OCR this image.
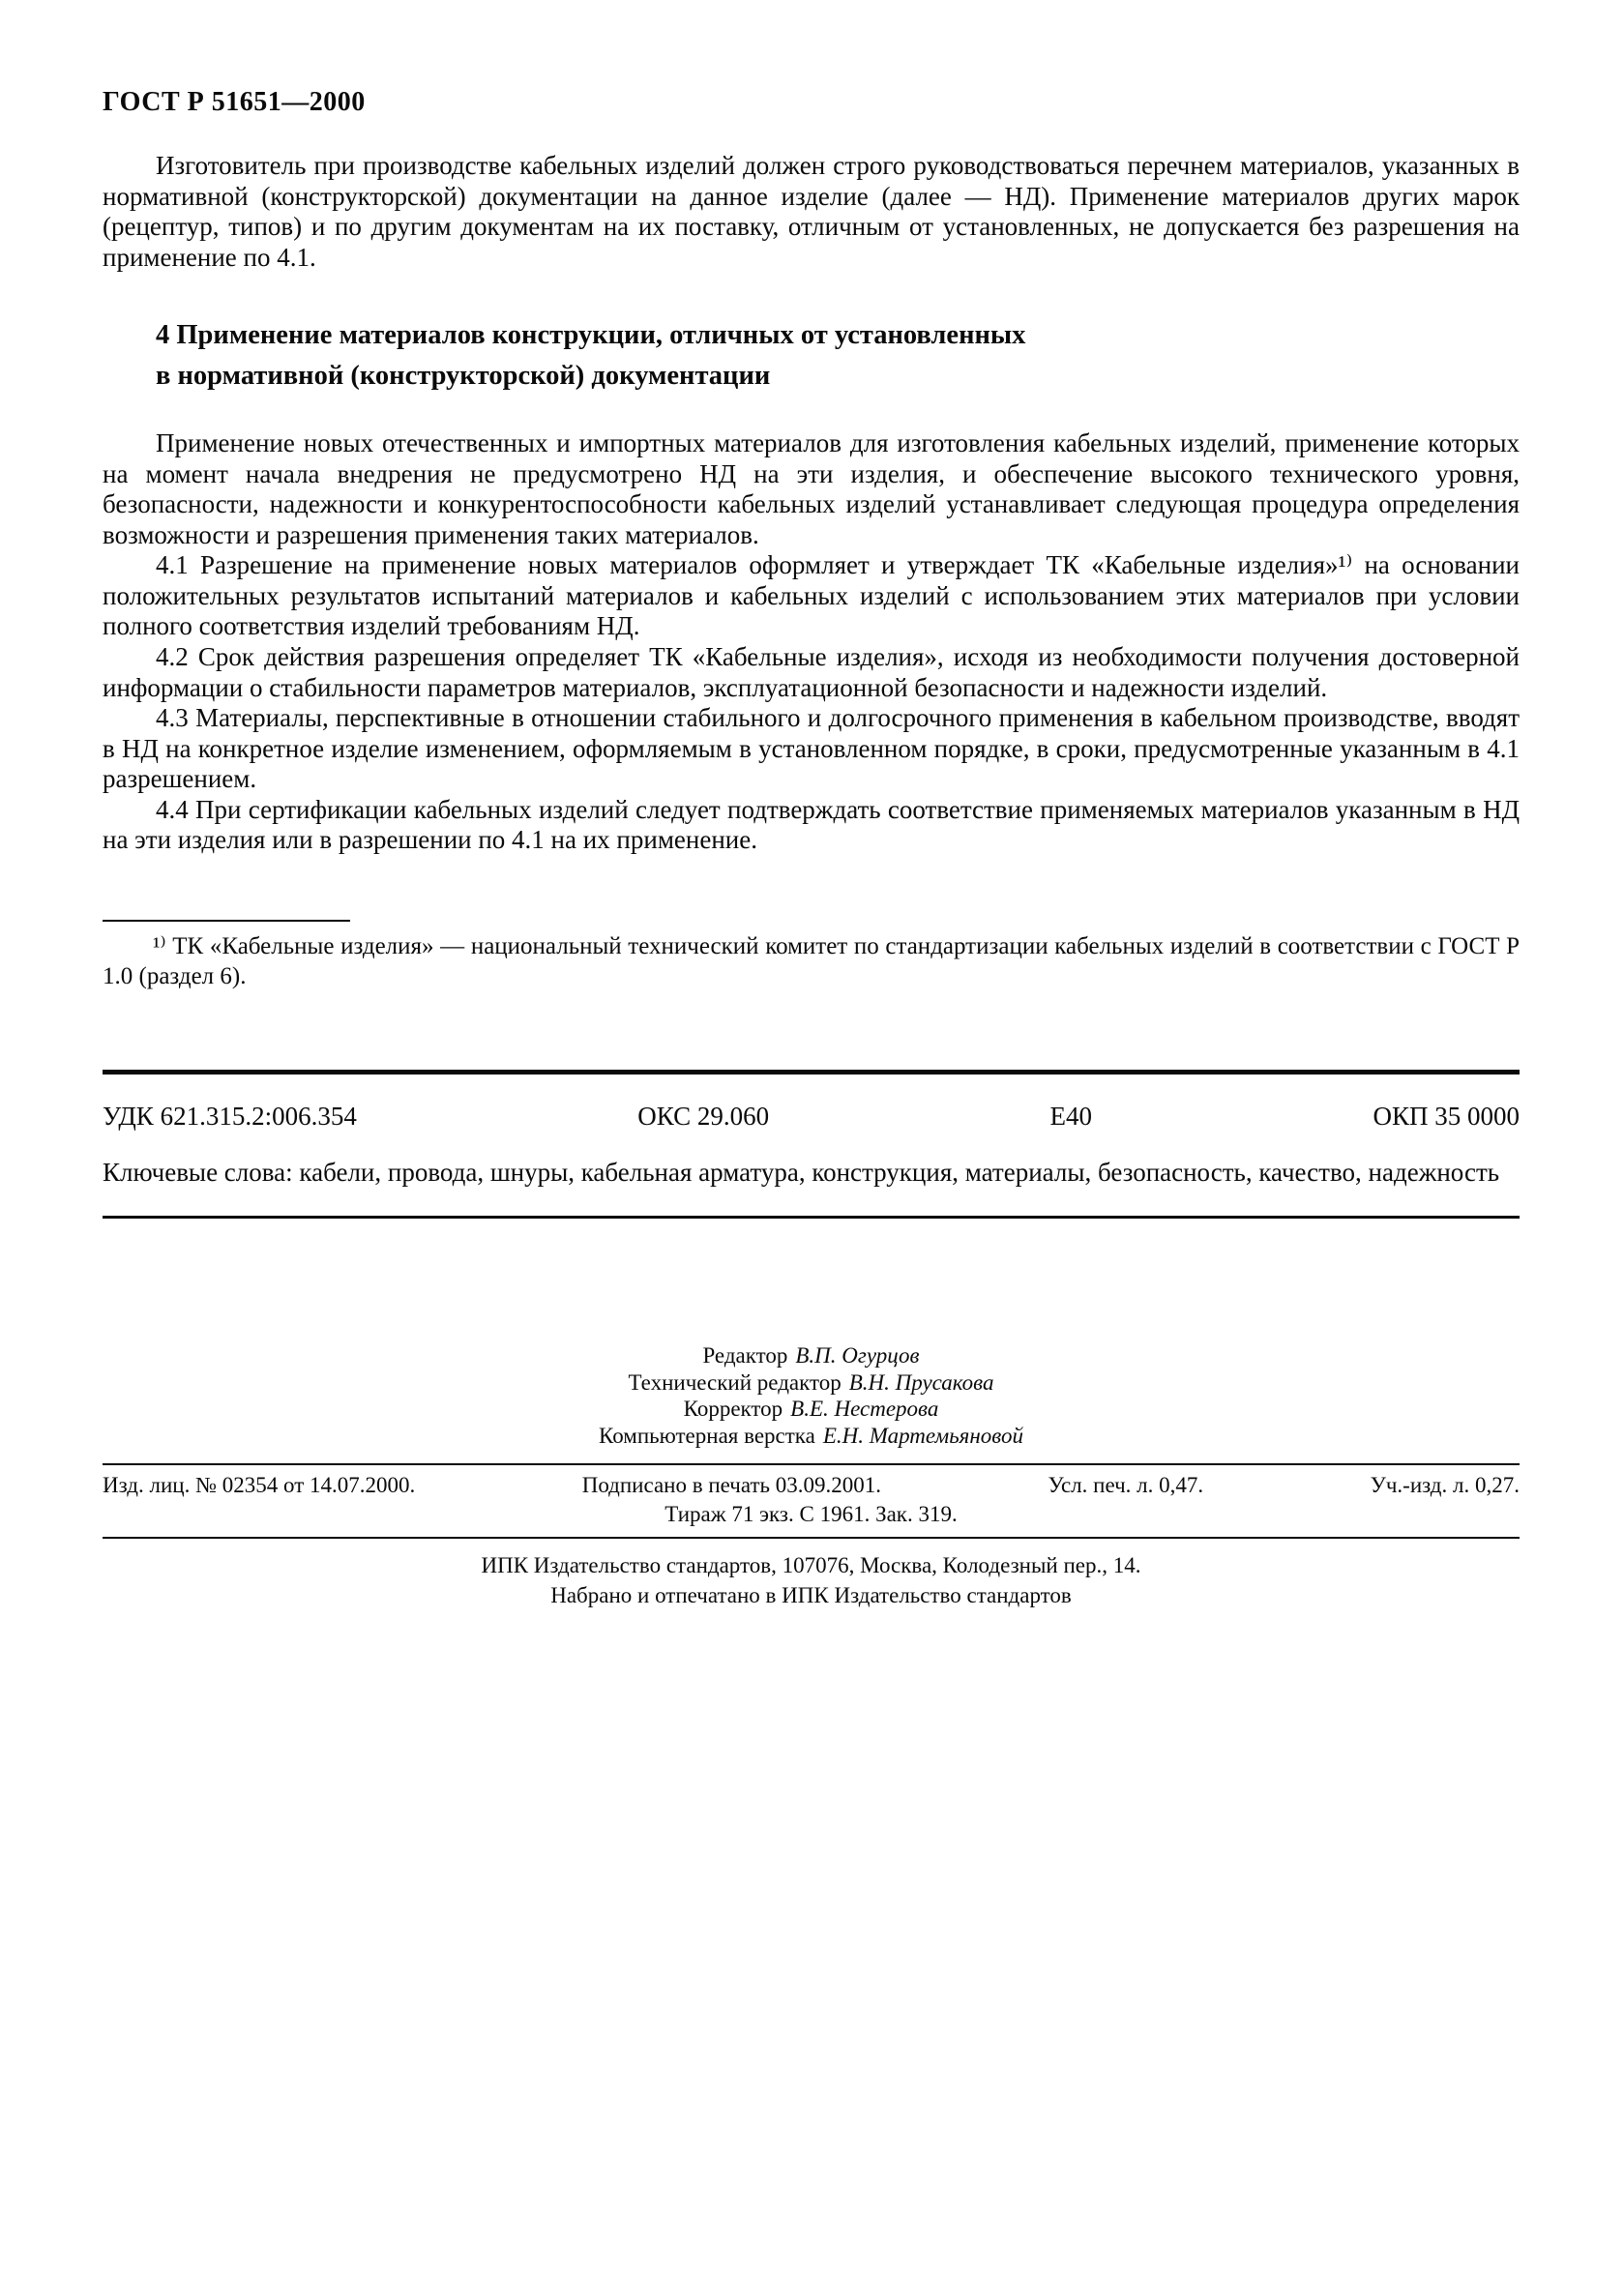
ГОСТ Р 51651—2000

Изготовитель при производстве кабельных изделий должен строго руководствоваться перечнем материалов, указанных в нормативной (конструкторской) документации на данное изделие (далее — НД). Применение материалов других марок (рецептур, типов) и по другим документам на их поставку, отличным от установленных, не допускается без разрешения на применение по 4.1.

4 Применение материалов конструкции, отличных от установленных
в нормативной (конструкторской) документации

Применение новых отечественных и импортных материалов для изготовления кабельных изделий, применение которых на момент начала внедрения не предусмотрено НД на эти изделия, и обеспечение высокого технического уровня, безопасности, надежности и конкурентоспособности кабельных изделий устанавливает следующая процедура определения возможности и разрешения применения таких материалов.

4.1 Разрешение на применение новых материалов оформляет и утверждает ТК «Кабельные изделия»¹⁾ на основании положительных результатов испытаний материалов и кабельных изделий с использованием этих материалов при условии полного соответствия изделий требованиям НД.

4.2 Срок действия разрешения определяет ТК «Кабельные изделия», исходя из необходимости получения достоверной информации о стабильности параметров материалов, эксплуатационной безопасности и надежности изделий.

4.3 Материалы, перспективные в отношении стабильного и долгосрочного применения в кабельном производстве, вводят в НД на конкретное изделие изменением, оформляемым в установленном порядке, в сроки, предусмотренные указанным в 4.1 разрешением.

4.4 При сертификации кабельных изделий следует подтверждать соответствие применяемых материалов указанным в НД на эти изделия или в разрешении по 4.1 на их применение.

¹⁾ ТК «Кабельные изделия» — национальный технический комитет по стандартизации кабельных изделий в соответствии с ГОСТ Р 1.0 (раздел 6).

УДК 621.315.2:006.354	ОКС 29.060	Е40	ОКП 35 0000

Ключевые слова: кабели, провода, шнуры, кабельная арматура, конструкция, материалы, безопасность, качество, надежность

Редактор В.П. Огурцов
Технический редактор В.Н. Прусакова
Корректор В.Е. Нестерова
Компьютерная верстка Е.Н. Мартемьяновой
Изд. лиц. № 02354 от 14.07.2000.	Подписано в печать 03.09.2001.	Усл. печ. л. 0,47.	Уч.-изд. л. 0,27.
Тираж 71 экз. С 1961. Зак. 319.
ИПК Издательство стандартов, 107076, Москва, Колодезный пер., 14.
Набрано и отпечатано в ИПК Издательство стандартов
